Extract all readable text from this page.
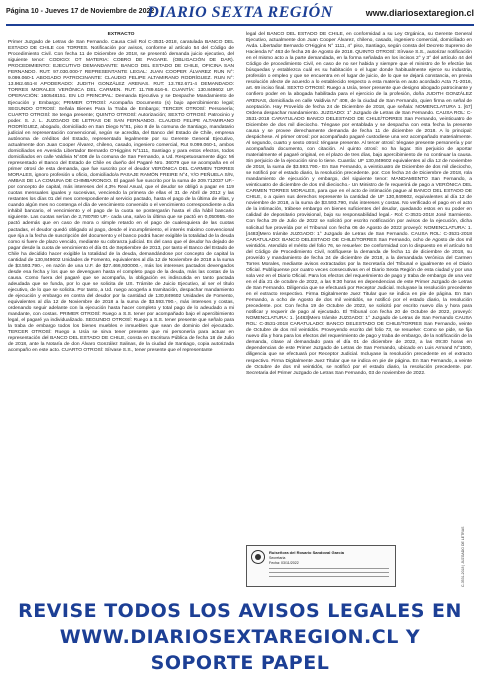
Página 10 - Jueves 17 de Noviembre de 2022
DIARIO SEXTA REGIÓN	www.diariosextaregion.cl

EXTRACTO

Primer Juzgado de Letras de San Fernando. Causa Civil Rol C-3531-2018, caratulada BANCO DEL ESTADO DE CHILE con TORRES. Notificación por avisos, conforme al artículo 54 del Código de Procedimiento Civil. Con fecha 11 de Diciembre de 2018, se presentó demanda juicio ejecutivo, del siguiente tenor: CODIGO: OT MATERIA: COBRO DE PAGARE. (OBLIGACIÓN DE DAR). PROCEDIMIENTO: EJECUTIVO DEMANDANTE: BANCO DEL ESTADO DE CHILE, OFICINA SAN FERNANDO. RUT: 97.030.000-7 REPRESENTANTE LEGAL: JUAN COOPER ÁLVAREZ RUN N°: 9.099.060-1 ABOGADO PATROCINANTE: CLAUDIO FELIPE ALTAMIRANO RODRÍGUEZ. RUN N°: 13.962.651-8 APODERADO: JUDITH GONZÁLEZ ARENAS. RUT: 13.782.671-4 DEMANDADO: TORRES MORALES VERÓNICA DEL CARMEN. RUT: 11.789.616-6. CUANTÍA: 130.849602 UF. OPERACIÓN: 160548151. EN LO PRINCIPAL: Demanda Ejecutiva y se Despache Mandamiento de Ejecución y Embargo; PRIMER OTROSÍ: Acompaña Documento (s) bajo apercibimiento legal; SEGUNDO OTROSÍ: Señala Bienes Para la Traba de Embargo; TERCER OTROSÍ: Personería; CUARTO OTROSÍ: Se tenga presente; QUINTO OTROSÍ: Autorización; SEXTO OTROSÍ: Patrocinio y poder. S. J. L. JUZGADO DE LETRAS DE SAN FERNANDO. CLAUDIO FELIPE ALTAMIRANO RODRÍGUEZ, abogado, domiciliado en San Diego N°81, piso 8 de la comuna de Santiago, mandatario judicial en representación convencional, según se acredita, del Banco del Estado de Chile, empresa autónoma de créditos del Estado, representado legalmente por su Gerente General Ejecutivo, actualmente don Juan Cooper Álvarez, chileno, casado, ingeniero comercial, Rut 9.099.060-1, ambos domiciliados en Avenida Libertador Bernardo O'Higgins N°1111, Santiago y para estos efectos, todos domiciliados en calle Valdivia N°408 de la comuna de San Fernando, a Ud. Respetuosamente digo: Mi representado el Banco del Estado de Chile es dueño del Pagaré Nro. 36079 que se acompaña en el primer otrosí de esta demanda, que fue suscrito por el deudor VERÓNICA DEL CARMEN TORRES MORALES, ignoro profesión u oficio, domiciliado/a PASAJE RAMÓN FREIRE N°4, Y/O PEÑUELA S/N, AMBAS DE LA COMUNA DE CHIMBARONGO. El pagaré fue suscrito por la suma de 209.712037 UF.- por concepto de capital, más intereses del 4,3% Real Anual, que el deudor se obligó a pagar en 119 cuotas mensuales iguales y sucesivas, venciendo la primera de ellas el 31 de Abril de 2012 y las restantes los días 01 del mes correspondiente al servicio pactado, hasta el pago de la última de ellas, y cuando algún mes no contenga el día de vencimiento convenido o el vencimiento correspondiente a día inhábil bancario, el vencimiento y el pago de la cuota se postergarán hasta el día hábil bancario siguiente. Las cuotas serían de 2,780780 UF.- cada una, salvo la última que se pactó en 0,050955.-Se pactó además que en caso de mora o simple retardo en el pago de cualesquiera de las cuotas pactadas, el deudor quedó obligado al pago, desde el incumplimiento, el interés máximo convencional que rija a la fecha de suscripción del documento y el banco podrá hacer exigible la totalidad de la deuda como si fuere de plazo vencido, mediante su cobranza judicial. Es del caso que el deudor ha dejado de pagar desde la cuota de vencimiento el día 01 de Septiembre de 2013, por tanto el Banco del Estado de Chile ha decidido hacer exigible la totalidad de la deuda, demandándose por concepto de capital la cantidad de 130,849602 Unidades de Fomento, equivalentes al día 12 de Noviembre de 2018 a la suma de $3.593.790.-, en razón de una U.F. de $27.466,930000.-, más los intereses pactados devengados desde esa fecha y los que se devenguen hasta el completo pago de la deuda, más las costas de la causa. Como fuera del pagaré que se acompaña, la obligación es indiscutida en tanto pactada adeudada que se funda, por lo que se solicita de US. Trámite de Juicio Ejecutivo, al ser el título ejecutivo, de lo que se solicita. Por tanto, a Ud. ruego acogerla a tramitación, despachar mandamiento de ejecución y embargo en contra del deudor por la cantidad de 130,849602 Unidades de Fomento, equivalentes al día 12 de Noviembre de 2018 a la suma de $3.593.790.-, más intereses y costas, ordenando seguir adelante con la ejecución hasta hacer completo y total pago de lo adeudado a mi mandante, con costas. PRIMER OTROSÍ: Ruego a S.S. tener por acompañado bajo el apercibimiento legal, el pagaré ya individualizado. SEGUNDO OTROSÍ: Ruego a S.S. tener presente que señalo para la traba de embargo todos los bienes muebles e inmuebles que sean de dominio del ejecutado. TERCER OTROSÍ: Ruego a Usía se sirva tener presente que mi personería para actuar en representación del BANCO DEL ESTADO DE CHILE, consta en Escritura Pública de fecha 18 de Julio de 2018, ante la Notaría de don Álvaro González Salinas, de la ciudad de Santiago, copia autorizada acompaño en este acto. CUARTO OTROSÍ: Sírvase S.S., tener presente que el representante

legal del BANCO DEL ESTADO DE CHILE, en conformidad a su Ley Orgánica, su Gerente General Ejecutivo, actualmente don Juan Cooper Álvarez, chileno, casado, ingeniero comercial, domiciliado en Avda. Libertador Bernardo O'Higgins N° 1111, 4° piso, Santiago, según consta del Decreto Supremo de Hacienda N° 463 de fecha 26 de Agosto de 2018. QUINTO OTROSÍ: Sírvase S.S., autorizar notificación en el mismo acto a la parte demandada, en la forma señalada en los incisos 2° y 3° del artículo 44 del Código de procedimiento Civil, en caso de no ser habida y siempre que el ministro de fe efectúe las búsquedas y establezca cuál es su habitación o el lugar donde habitualmente ejerce su industria, profesión o empleo y que se encuentra en el lugar de juicio, de lo que se dejará constancia, en previa resolución afecte de acuerdo a lo establecido respecto a esta materia en auto acordado Acta 71-2016, art. 69 inciso final. SEXTO OTROSÍ: Ruego a Usía, tener presente que designo abogado patrocinante y confiero poder en la abogada habilitada para el ejercicio de la profesión, doña JUDITH GONZÁLEZ ARENAS, domiciliada en calle Valdivia N° 408, de la ciudad de San Fernando, quien firma en señal de aceptación. Hay Proveído de fecha 24 de Diciembre de 2018, que señala: NOMENCLATURA 1. [67] Ordena despachar mandamiento. JUZGADO: 1° Juzgado de Letras de San Fernando. CAUSA ROL: C-3531-2018 CARATULADO BANCO DELESTADO DE CHILE/TORRES San Fernando, veinticuatro de Diciembre de dos mil dieciocho. Téngase por entablada y se despacha con esta fecha la presente causa y se provee derechamente demanda de fecha 11 de diciembre de 2018. A lo principal: despáchese. Al primer otrosí: por acompañado pagaré custodiese una vez acompañado materialmente. Al segundo, cuarto y sexto otrosí: téngase presente. Al tercer otrosí: téngase presente personería y por acompañado documento, con citación. Al quinto otrosí: no ha lugar. Sin perjuicio de aportar materialmente el pagaré original, en el plazo de tres días, bajo apercibimiento de no continuar la causa. Sin perjuicio de la ejecución sino lo tiene. Cuantía: UF 130,849602 equivalentes al día 12 de noviembre de 2018, la suma de $3.593.790.- En San Fernando, a veinticuatro de Diciembre de dos mil dieciocho, se notificó por el estado diario, la resolución precedente. por. Con fecha 24 de Diciembre de 2018, rola mandamiento de ejecución y embargo, del siguiente tenor: MANDAMIENTO San Fernando, a veinticuatro de diciembre de dos mil dieciocho.- Un Ministro de fe requerirá de pago a VERÓNICA DEL CARMEN TORRES MORALES, para que en el acto de intimación pague al BANCO DEL ESTADO DE CHILE, o a quien sus derechos represente la cantidad de UF 130,849602, equivalentes al día 12 de noviembre de 2018, a la suma de $3.593.790, más intereses y costas. No verificado el pago en el acto de la intimación, trábese embargo en bienes suficientes del deudor, quedando estos en su poder en calidad de depositario provisional, bajo su responsabilidad legal.- Rol: C-3531-2018 José Sarmiento. Con fecha 29 de Julio de 2022 se solicitó por escrito notificación por avisos de la ejecución, dicha solicitud fue proveída por el Tribunal con fecha 06 de Agosto de 2022 proveyó: NOMENCLATURA: 1. [4483]Mero trámite JUZGADO: 1° Juzgado de Letras de San Fernando. CAUSA ROL: C-3531-2018 CARATULADO: BANCO DELESTADO DE CHILE/TORRES San Fernando, ocho de Agosto de dos mil veintidós. Atendido el mérito del folio 76, se resuelve: De conformidad con lo dispuesto en el artículo 54 del Código de Procedimiento Civil, notifíquese la demanda de fecha 11 de diciembre de 2018, su proveído y mandamiento de fecha 24 de diciembre de 2018, a la demandada Verónica del Carmen Torres Morales, mediante avisos extractados por la Secretaría del Tribunal e igualmente en el Diario Oficial. Publíquense por cuatro veces consecutivas en el Diario Sexta Región de esta ciudad y por una sola vez en el Diario Oficial. Para los efectos del requerimiento de pago y traba de embargo de una vez en el día 21 de octubre de 2022, a las 9:30 horas en dependencias de este Primer Juzgado de Letras de San Fernando. Diligencia que se efectuará por Receptor Judicial. Incluyase la resolución precedente en el extracto respectivo. Firma Digitalmente Juez Titular que se indica en pie de página. En San Fernando, a ocho de Agosto de dos mil veintidós, se notificó por el estado diario, la resolución precedente. por. Con fecha 19 de Octubre de 2022, se solicitó por escrito nuevo día y hora para notificar y requerir de pago al ejecutado. El Tribunal con fecha 20 de Octubre de 2022, proveyó: NOMENCLATURA: 1. [4483]Mero trámite JUZGADO: 1° Juzgado de Letras de San Fernando CAUSA ROL: C-3531-2018 CARATULADO: BANCO DELESTADO DE CHILE/TORRES San Fernando, veinte de Octubre de dos mil veintidós. Proveyendo escrito del folio 73, se resuelve: Como se pide, se fija nuevo día y hora para los efectos del requerimiento de pago y traba de embargo, de la notificación de la demanda, citase al demandado para el día 01 de diciembre de 2022, a las 09:30 horas en dependencias de este Primer Juzgado de Letras de San Fernando, ubicado en Luis Armand N°1500, diligencia que se efectuará por Receptor Judicial. Incluyase la resolución precedente en el extracto respectivo. Firma Digitalmente Juez Titular que se indica en pie de página. En San Fernando, a veinte de Octubre de dos mil veintidós, se notificó por el estado diario, la resolución precedente. por. Secretaria del Primer Juzgado de Letras San Fernando, 03 de noviembre de 2022.

Ruiseñora del Rosario Sandoval García
Secretaria
Fecha: 03/11/2022	C-3531-2018 | JUZGADO DE LETRAS
REVISE TODOS LOS AVISOS LEGALES EN
WWW.DIARIOSEXTAREGION.CL Y SOPORTE PAPEL
